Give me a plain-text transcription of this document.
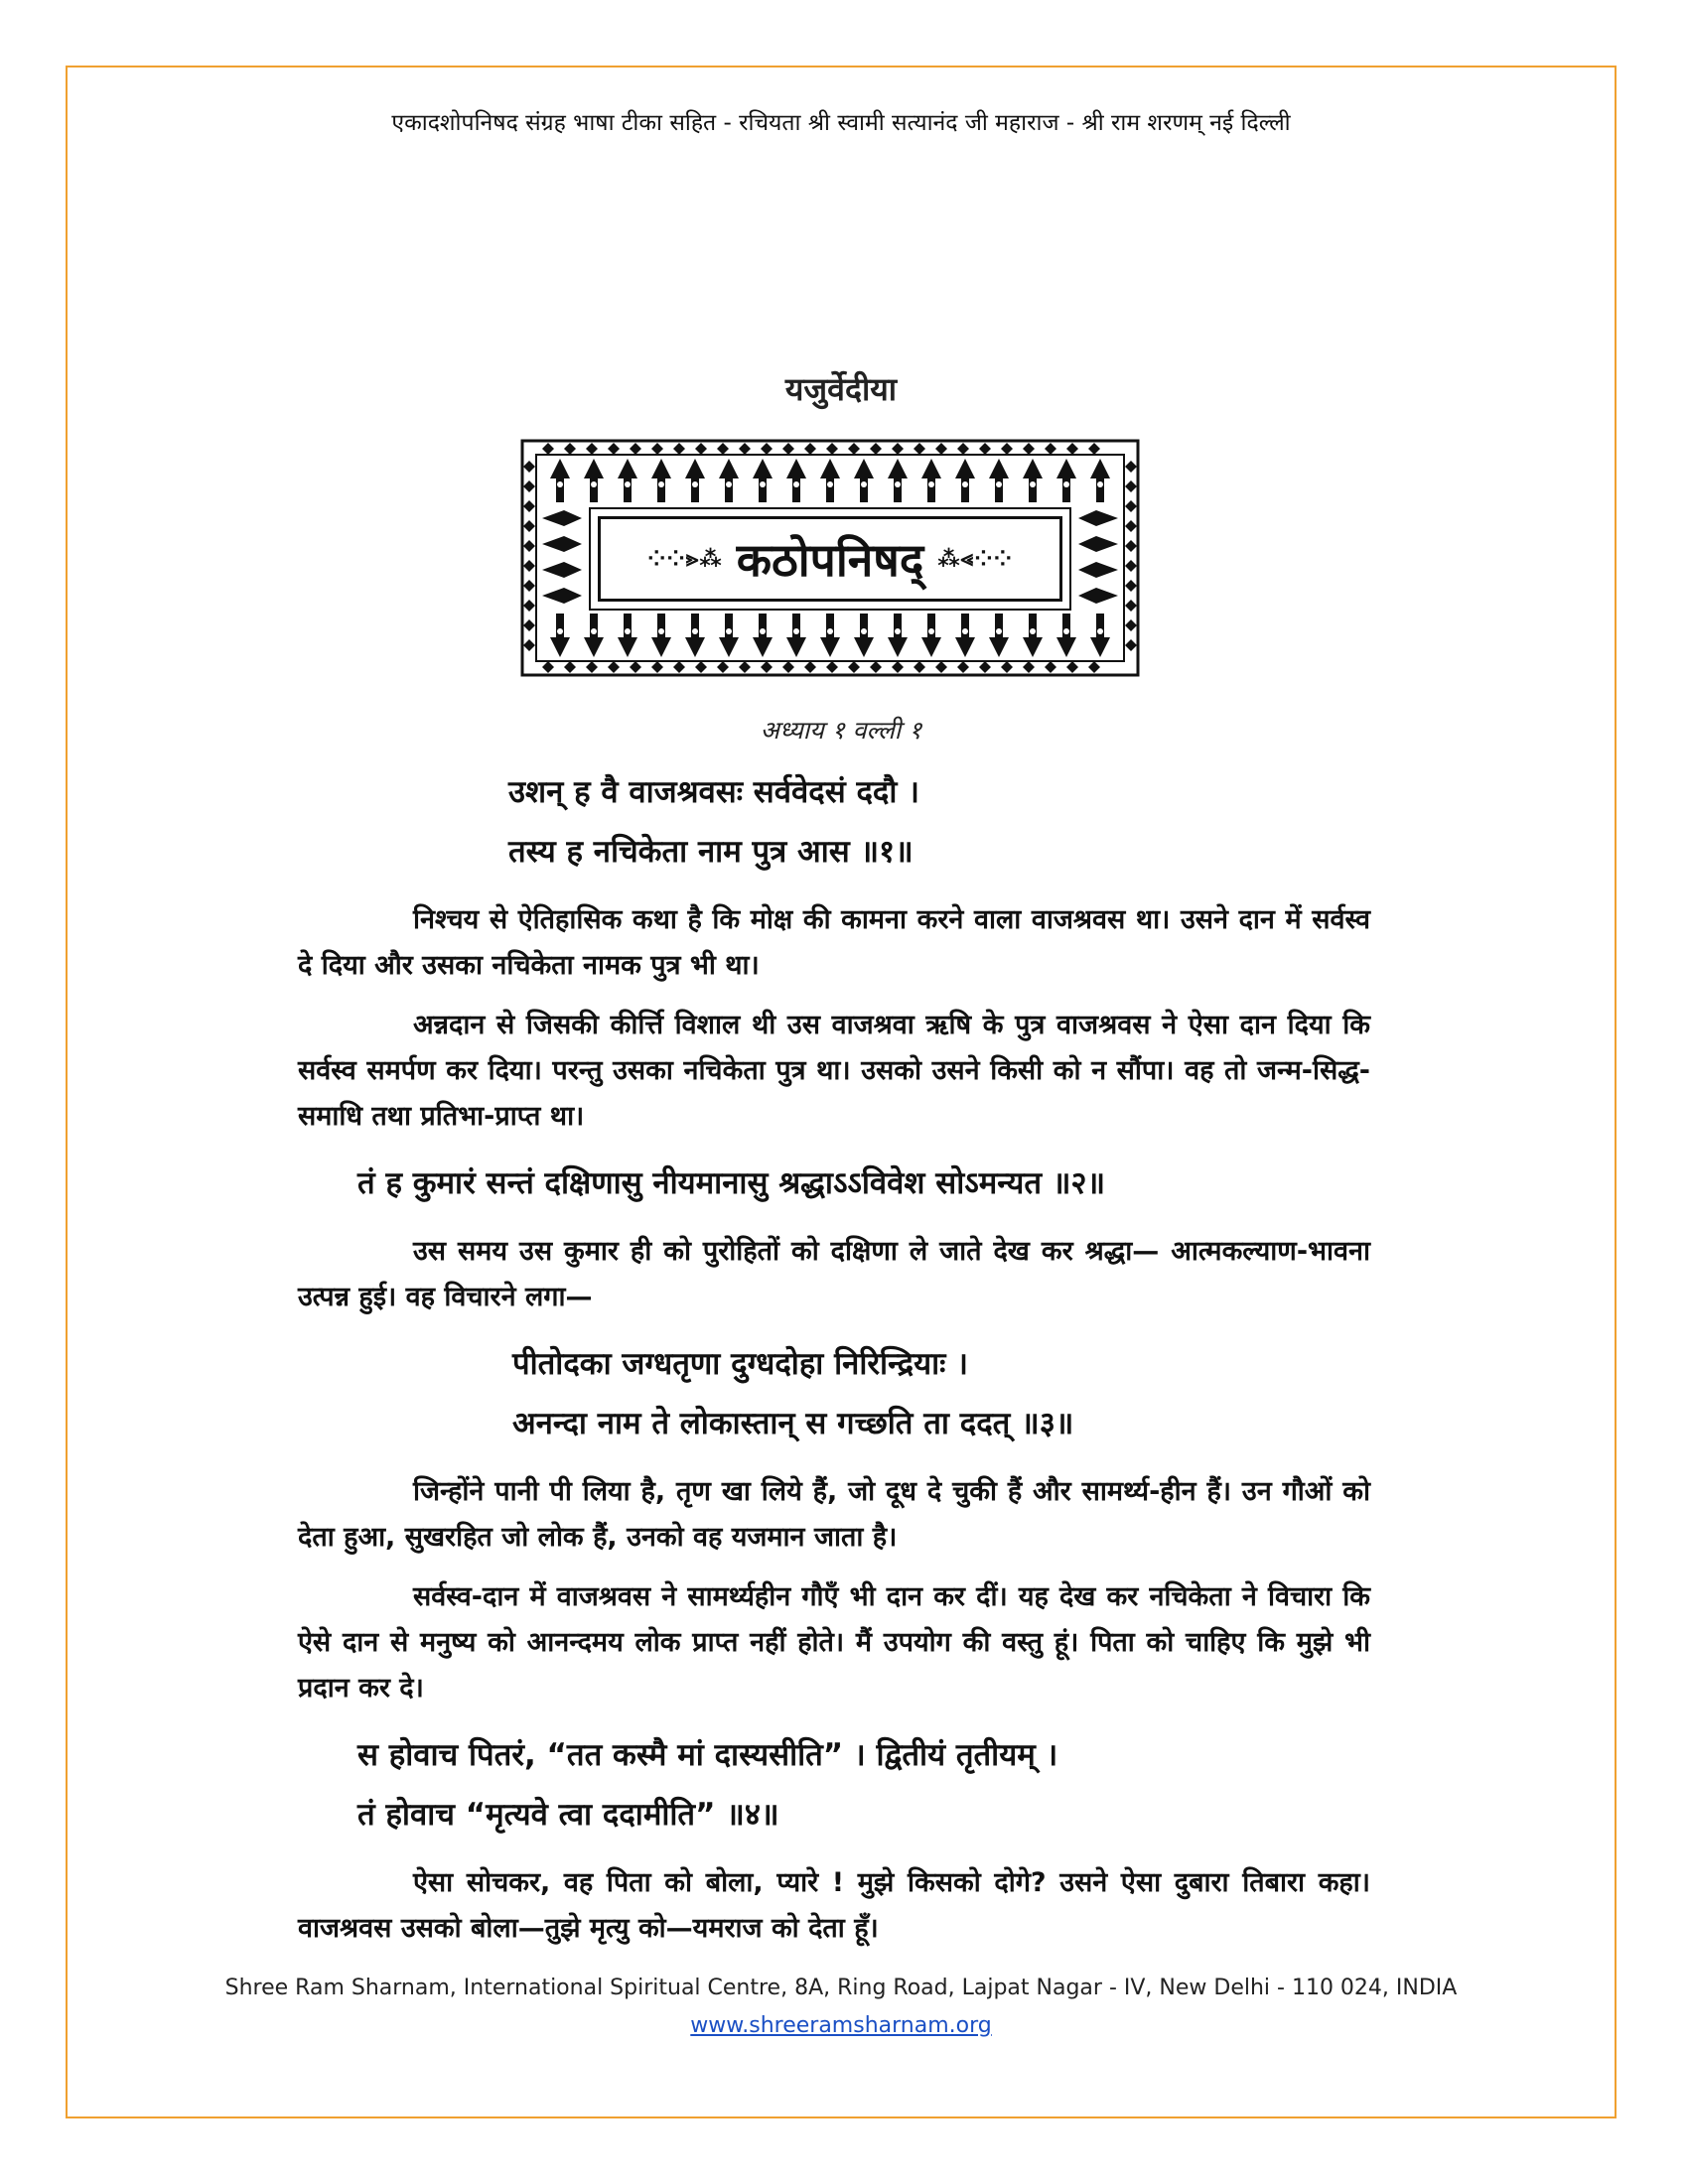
एकादशोपनिषद संग्रह भाषा टीका सहित - रचियता श्री स्वामी सत्यानंद जी महाराज - श्री राम शरणम् नई दिल्ली
यजुर्वेदीया
⁘⁘⪢⁂ कठोपनिषद् ⁂⪡⁘⁘
अध्याय १ वल्ली १

उशन् ह वै वाजश्रवसः सर्ववेदसं ददौ ।

तस्य ह नचिकेता नाम पुत्र आस ॥१॥

निश्चय से ऐतिहासिक कथा है कि मोक्ष की कामना करने वाला वाजश्रवस था। उसने दान में सर्वस्व दे दिया और उसका नचिकेता नामक पुत्र भी था।

अन्नदान से जिसकी कीर्त्ति विशाल थी उस वाजश्रवा ऋषि के पुत्र वाजश्रवस ने ऐसा दान दिया कि सर्वस्व समर्पण कर दिया। परन्तु उसका नचिकेता पुत्र था। उसको उसने किसी को न सौंपा। वह तो जन्म-सिद्ध-समाधि तथा प्रतिभा-प्राप्त था।

तं ह कुमारं सन्तं दक्षिणासु नीयमानासु श्रद्धाऽऽविवेश सोऽमन्यत ॥२॥

उस समय उस कुमार ही को पुरोहितों को दक्षिणा ले जाते देख कर श्रद्धा— आत्मकल्याण-भावना उत्पन्न हुई। वह विचारने लगा—

पीतोदका जग्धतृणा दुग्धदोहा निरिन्द्रियाः ।

अनन्दा नाम ते लोकास्तान् स गच्छति ता ददत् ॥३॥

जिन्होंने पानी पी लिया है, तृण खा लिये हैं, जो दूध दे चुकी हैं और सामर्थ्य-हीन हैं। उन गौओं को देता हुआ, सुखरहित जो लोक हैं, उनको वह यजमान जाता है।

सर्वस्व-दान में वाजश्रवस ने सामर्थ्यहीन गौएँ भी दान कर दीं। यह देख कर नचिकेता ने विचारा कि ऐसे दान से मनुष्य को आनन्दमय लोक प्राप्त नहीं होते। मैं उपयोग की वस्तु हूं। पिता को चाहिए कि मुझे भी प्रदान कर दे।

स होवाच पितरं, “तत कस्मै मां दास्यसीति” । द्वितीयं तृतीयम् ।

तं होवाच “मृत्यवे त्वा ददामीति” ॥४॥

ऐसा सोचकर, वह पिता को बोला, प्यारे ! मुझे किसको दोगे? उसने ऐसा दुबारा तिबारा कहा। वाजश्रवस उसको बोला—तुझे मृत्यु को—यमराज को देता हूँ।

Shree Ram Sharnam, International Spiritual Centre, 8A, Ring Road, Lajpat Nagar - IV, New Delhi - 110 024, INDIA
www.shreeramsharnam.org
